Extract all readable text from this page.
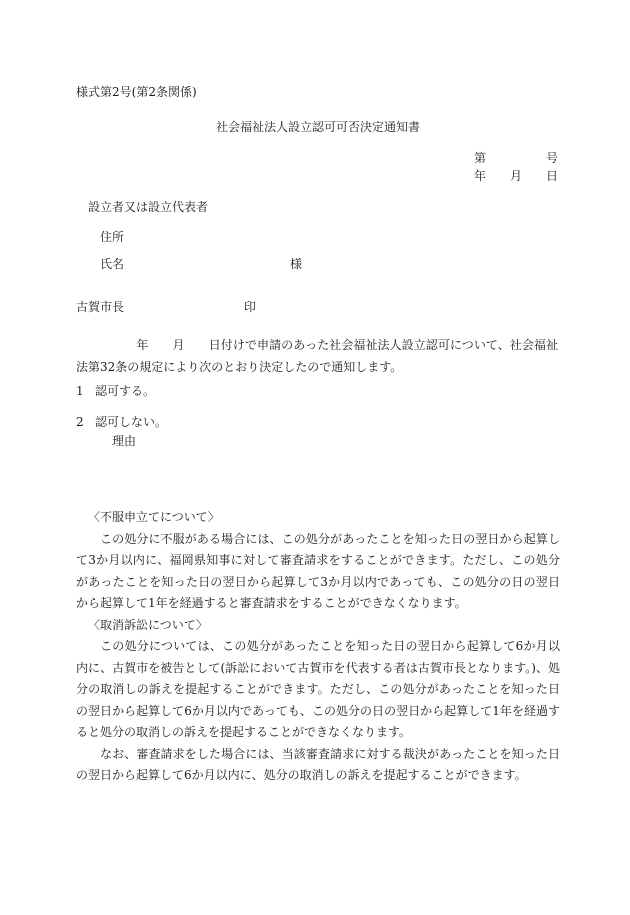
様式第2号(第2条関係)
社会福祉法人設立認可可否決定通知書
第	号
年 月 日
設立者又は設立代表者
住所
氏名	様
古賀市長	印
　　　　　年　　月　　日付けで申請のあった社会福祉法人設立認可について、社会福祉法第32条の規定により次のとおり決定したので通知します。
1 認可する。
2 認可しない。
理由

〈不服申立てについて〉

この処分に不服がある場合には、この処分があったことを知った日の翌日から起算して3か月以内に、福岡県知事に対して審査請求をすることができます。ただし、この処分があったことを知った日の翌日から起算して3か月以内であっても、この処分の日の翌日から起算して1年を経過すると審査請求をすることができなくなります。

〈取消訴訟について〉

この処分については、この処分があったことを知った日の翌日から起算して6か月以内に、古賀市を被告として(訴訟において古賀市を代表する者は古賀市長となります。)、処分の取消しの訴えを提起することができます。ただし、この処分があったことを知った日の翌日から起算して6か月以内であっても、この処分の日の翌日から起算して1年を経過すると処分の取消しの訴えを提起することができなくなります。

なお、審査請求をした場合には、当該審査請求に対する裁決があったことを知った日の翌日から起算して6か月以内に、処分の取消しの訴えを提起することができます。
